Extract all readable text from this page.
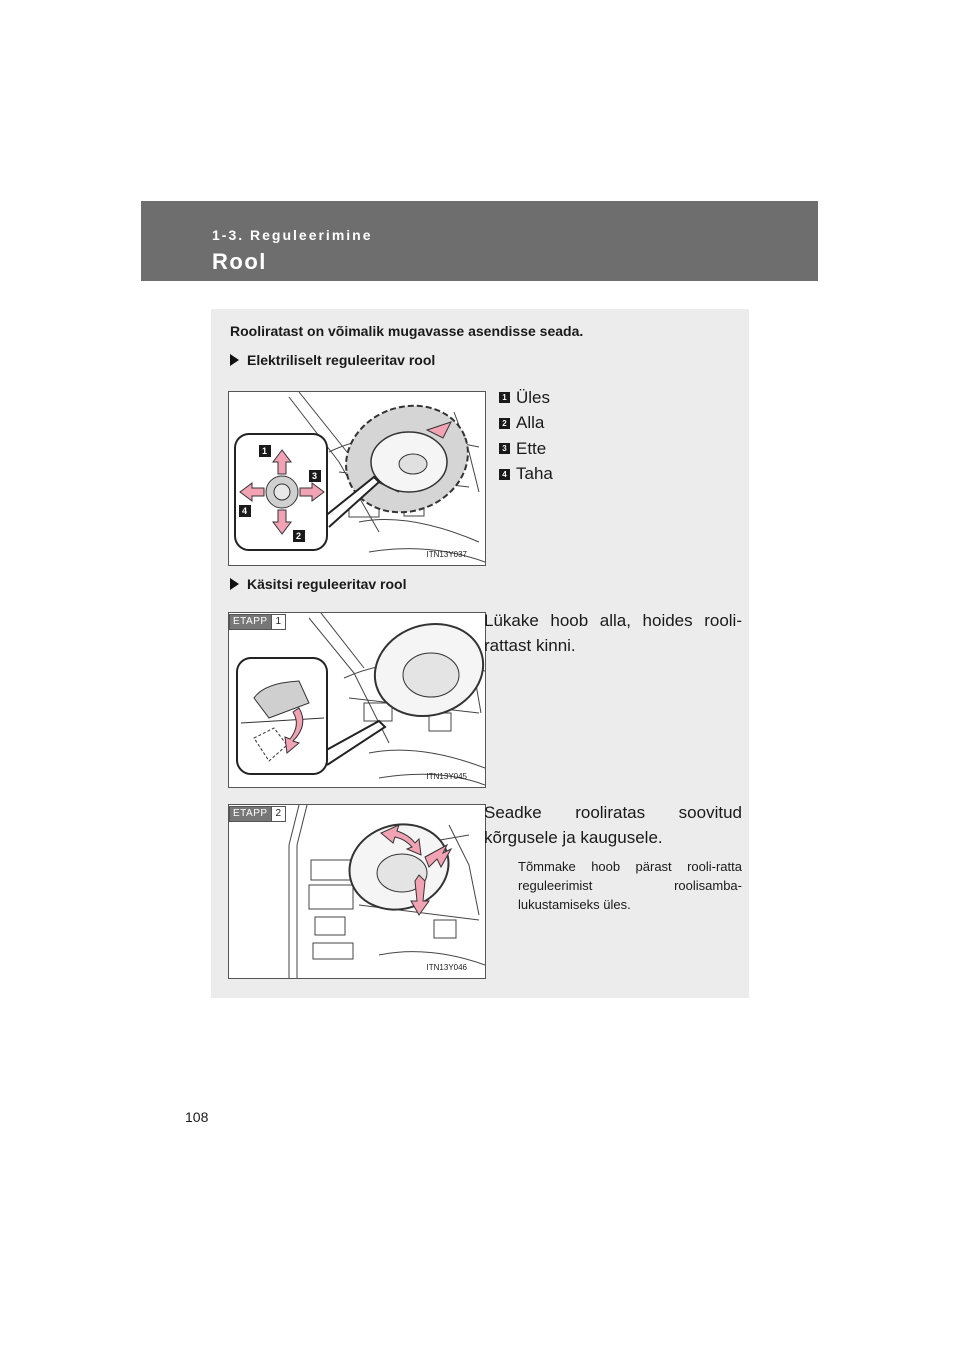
1-3. Reguleerimine
Rool
Rooliratast on võimalik mugavasse asendisse seada.
Elektriliselt reguleeritav rool
1
2
3
4
ITN13Y037
1 Üles
2 Alla
3 Ette
4 Taha
Käsitsi reguleeritav rool
ETAPP 1
ITN13Y045
Lükake hoob alla, hoides rooli-rattast kinni.
ETAPP 2
ITN13Y046
Seadke rooliratas soovitud kõrgusele ja kaugusele.
Tõmmake hoob pärast rooli-ratta reguleerimist roolisamba-lukustamiseks üles.
108
